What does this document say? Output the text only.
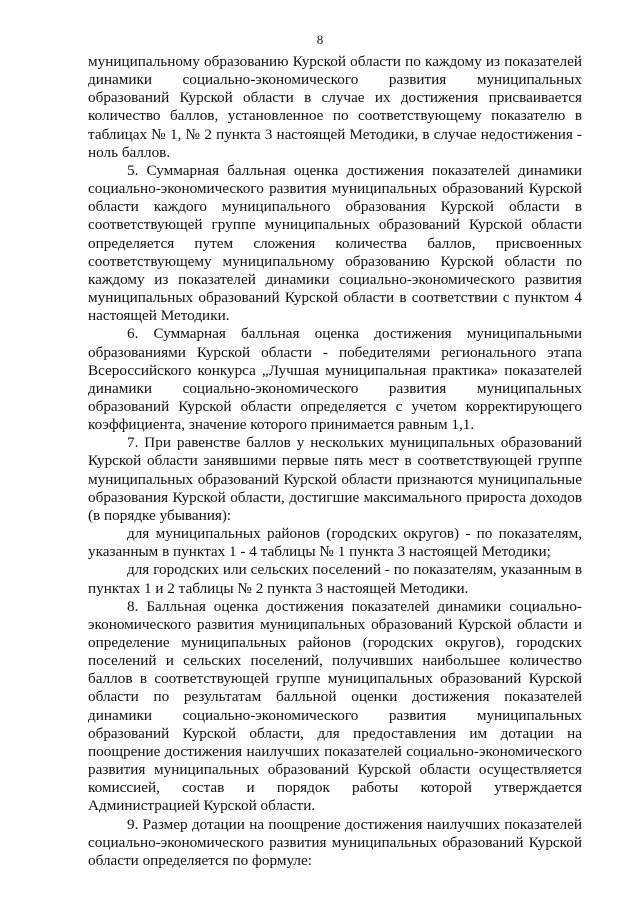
8

муниципальному образованию Курской области по каждому из показателей динамики социально-экономического развития муниципальных образований Курской области в случае их достижения присваивается количество баллов, установленное по соответствующему показателю в таблицах № 1, № 2 пункта 3 настоящей Методики, в случае недостижения - ноль баллов.

5. Суммарная балльная оценка достижения показателей динамики социально-экономического развития муниципальных образований Курской области каждого муниципального образования Курской области в соответствующей группе муниципальных образований Курской области определяется путем сложения количества баллов, присвоенных соответствующему муниципальному образованию Курской области по каждому из показателей динамики социально-экономического развития муниципальных образований Курской области в соответствии с пунктом 4 настоящей Методики.

6. Суммарная балльная оценка достижения муниципальными образованиями Курской области - победителями регионального этапа Всероссийского конкурса „Лучшая муниципальная практика» показателей динамики социально-экономического развития муниципальных образований Курской области определяется с учетом корректирующего коэффициента, значение которого принимается равным 1,1.

7. При равенстве баллов у нескольких муниципальных образований Курской области занявшими первые пять мест в соответствующей группе муниципальных образований Курской области признаются муниципальные образования Курской области, достигшие максимального прироста доходов (в порядке убывания):

для муниципальных районов (городских округов) - по показателям, указанным в пунктах 1 - 4 таблицы № 1 пункта 3 настоящей Методики;

для городских или сельских поселений - по показателям, указанным в пунктах 1 и 2 таблицы № 2 пункта 3 настоящей Методики.

8. Балльная оценка достижения показателей динамики социально-экономического развития муниципальных образований Курской области и определение муниципальных районов (городских округов), городских поселений и сельских поселений, получивших наибольшее количество баллов в соответствующей группе муниципальных образований Курской области по результатам балльной оценки достижения показателей динамики социально-экономического развития муниципальных образований Курской области, для предоставления им дотации на поощрение достижения наилучших показателей социально-экономического развития муниципальных образований Курской области осуществляется комиссией, состав и порядок работы которой утверждается Администрацией Курской области.

9. Размер дотации на поощрение достижения наилучших показателей социально-экономического развития муниципальных образований Курской области определяется по формуле:
